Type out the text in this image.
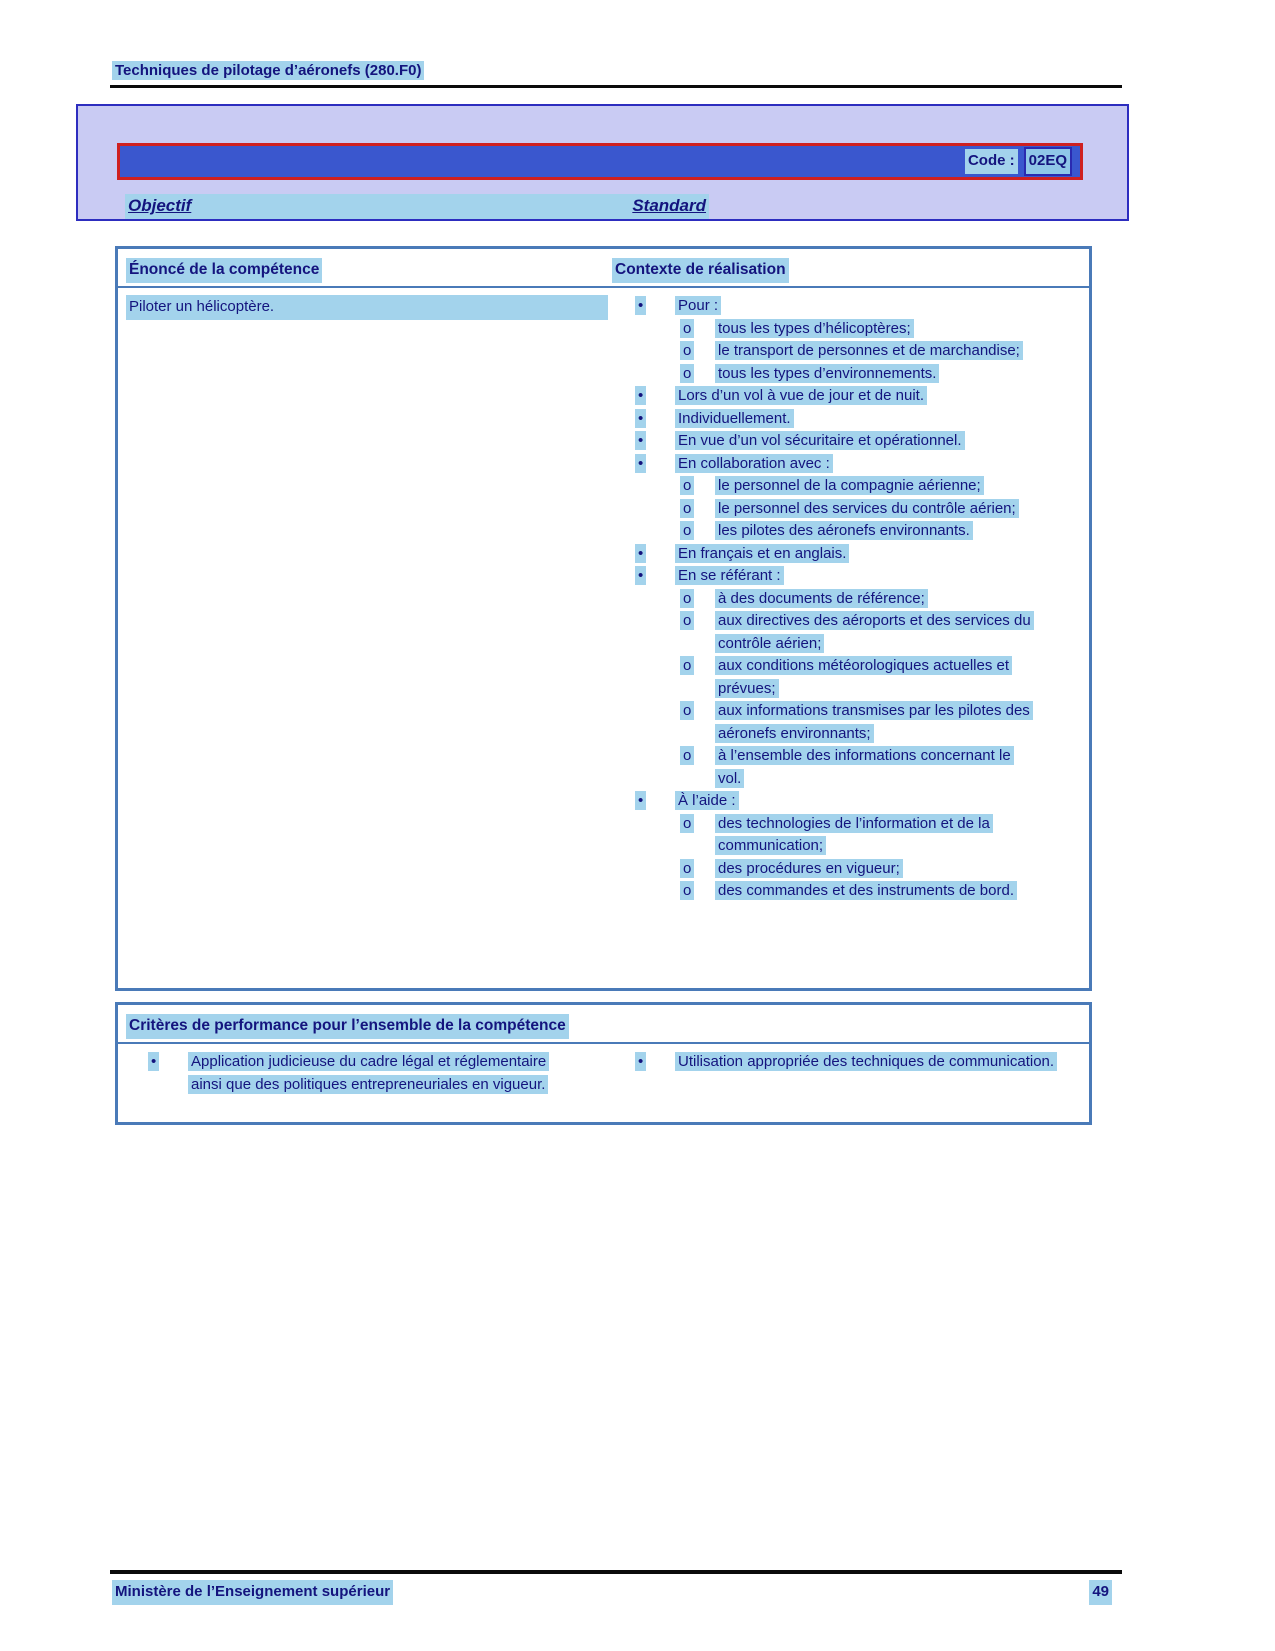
Techniques de pilotage d’aéronefs (280.F0)
Code : 02EQ
Objectif	Standard
Énoncé de la compétence	Contexte de réalisation
Piloter un hélicoptère.	•	Pour :
o	tous les types d’hélicoptères;
o	le transport de personnes et de marchandise;
o	tous les types d’environnements.
•	Lors d’un vol à vue de jour et de nuit.
•	Individuellement.
•	En vue d’un vol sécuritaire et opérationnel.
•	En collaboration avec :
o	le personnel de la compagnie aérienne;
o	le personnel des services du contrôle aérien;
o	les pilotes des aéronefs environnants.
•	En français et en anglais.
•	En se référant :
o	à des documents de référence;
o	aux directives des aéroports et des services du contrôle aérien;
o	aux conditions météorologiques actuelles et prévues;
o	aux informations transmises par les pilotes des aéronefs environnants;
o	à l’ensemble des informations concernant le vol.
•	À l’aide :
o	des technologies de l’information et de la communication;
o	des procédures en vigueur;
o	des commandes et des instruments de bord.
Critères de performance pour l’ensemble de la compétence
•	Application judicieuse du cadre légal et réglementaire ainsi que des politiques entrepreneuriales en vigueur.
•	Utilisation appropriée des techniques de communication.
Ministère de l’Enseignement supérieur	49
